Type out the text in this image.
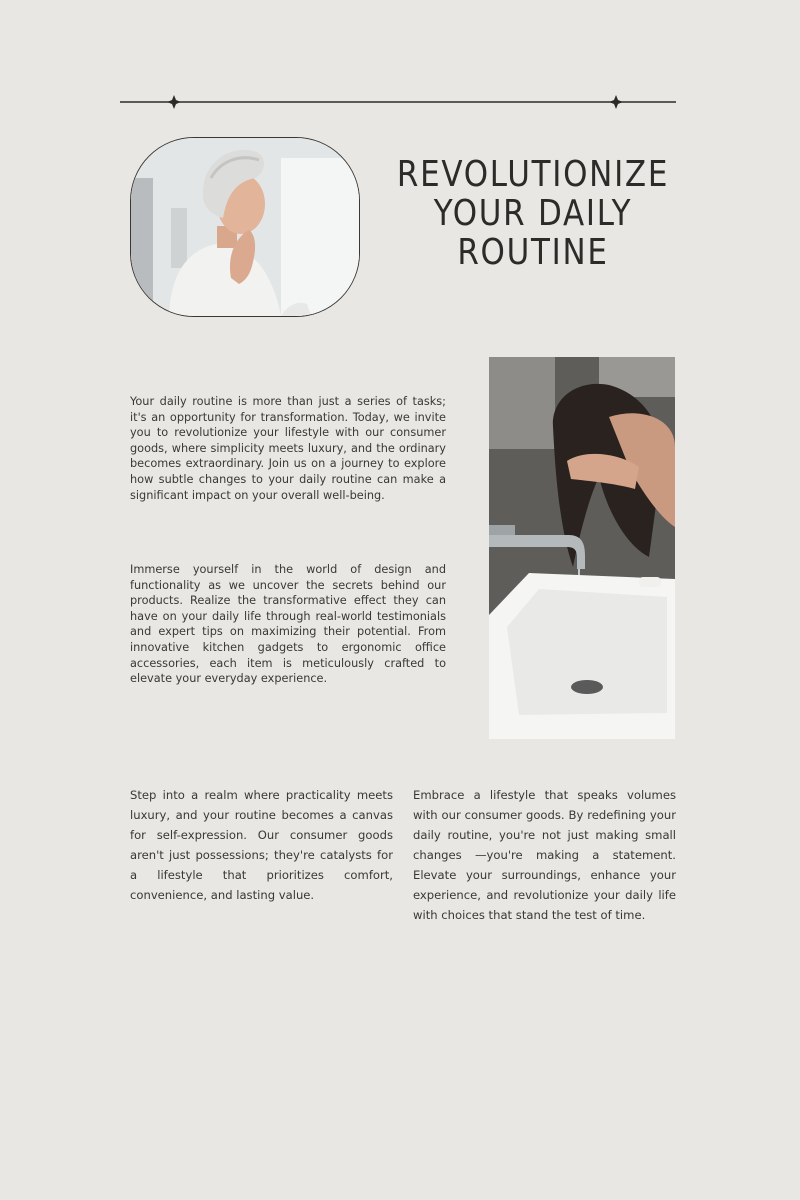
REVOLUTIONIZE YOUR DAILY ROUTINE

Your daily routine is more than just a series of tasks; it's an opportunity for transformation. Today, we invite you to revolutionize your lifestyle with our consumer goods, where simplicity meets luxury, and the ordinary becomes extraordinary. Join us on a journey to explore how subtle changes to your daily routine can make a significant impact on your overall well-being.

Immerse yourself in the world of design and functionality as we uncover the secrets behind our products. Realize the transformative effect they can have on your daily life through real-world testimonials and expert tips on maximizing their potential. From innovative kitchen gadgets to ergonomic office accessories, each item is meticulously crafted to elevate your everyday experience.

Step into a realm where practicality meets luxury, and your routine becomes a canvas for self-expression. Our consumer goods aren't just possessions; they're catalysts for a lifestyle that prioritizes comfort, convenience, and lasting value.

Embrace a lifestyle that speaks volumes with our consumer goods. By redefining your daily routine, you're not just making small changes —you're making a statement. Elevate your surroundings, enhance your experience, and revolutionize your daily life with choices that stand the test of time.
